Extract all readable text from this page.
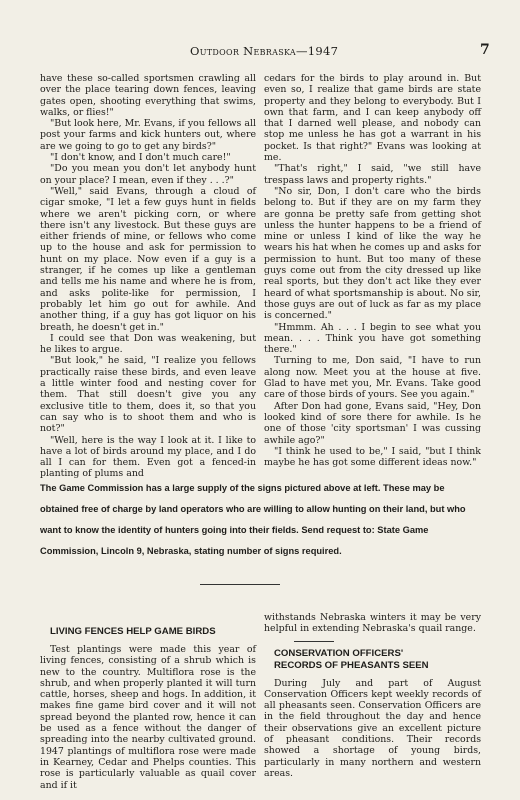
Outdoor Nebraska—1947	7

have these so-called sportsmen crawling all over the place tearing down fences, leaving gates open, shooting everything that swims, walks, or flies!"

"But look here, Mr. Evans, if you fellows all post your farms and kick hunters out, where are we going to go to get any birds?"

"I don't know, and I don't much care!"

"Do you mean you don't let anybody hunt on your place? I mean, even if they . . .?"

"Well," said Evans, through a cloud of cigar smoke, "I let a few guys hunt in fields where we aren't picking corn, or where there isn't any livestock. But these guys are either friends of mine, or fellows who come up to the house and ask for permission to hunt on my place. Now even if a guy is a stranger, if he comes up like a gentleman and tells me his name and where he is from, and asks polite-like for permission, I probably let him go out for awhile. And another thing, if a guy has got liquor on his breath, he doesn't get in."

I could see that Don was weakening, but he likes to argue.

"But look," he said, "I realize you fellows practically raise these birds, and even leave a little winter food and nesting cover for them. That still doesn't give you any exclusive title to them, does it, so that you can say who is to shoot them and who is not?"

"Well, here is the way I look at it. I like to have a lot of birds around my place, and I do all I can for them. Even got a fenced-in planting of plums and

cedars for the birds to play around in. But even so, I realize that game birds are state property and they belong to everybody. But I own that farm, and I can keep anybody off that I darned well please, and nobody can stop me unless he has got a warrant in his pocket. Is that right?" Evans was looking at me.

"That's right," I said, "we still have trespass laws and property rights."

"No sir, Don, I don't care who the birds belong to. But if they are on my farm they are gonna be pretty safe from getting shot unless the hunter happens to be a friend of mine or unless I kind of like the way he wears his hat when he comes up and asks for permission to hunt. But too many of these guys come out from the city dressed up like real sports, but they don't act like they ever heard of what sportsmanship is about. No sir, those guys are out of luck as far as my place is concerned."

"Hmmm. Ah . . . I begin to see what you mean. . . . Think you have got something there."

Turning to me, Don said, "I have to run along now. Meet you at the house at five. Glad to have met you, Mr. Evans. Take good care of those birds of yours. See you again."

After Don had gone, Evans said, "Hey, Don looked kind of sore there for awhile. Is he one of those 'city sportsman' I was cussing awhile ago?"

"I think he used to be," I said, "but I think maybe he has got some different ideas now."

The Game Commission has a large supply of the signs pictured above at left. These may be obtained free of charge by land operators who are willing to allow hunting on their land, but who want to know the identity of hunters going into their fields. Send request to: State Game Commission, Lincoln 9, Nebraska, stating number of signs required.

LIVING FENCES HELP GAME BIRDS

Test plantings were made this year of living fences, consisting of a shrub which is new to the country. Multiflora rose is the shrub, and when properly planted it will turn cattle, horses, sheep and hogs. In addition, it makes fine game bird cover and it will not spread beyond the planted row, hence it can be used as a fence without the danger of spreading into the nearby cultivated ground. 1947 plantings of multiflora rose were made in Kearney, Cedar and Phelps counties. This rose is particularly valuable as quail cover and if it

withstands Nebraska winters it may be very helpful in extending Nebraska's quail range.

CONSERVATION OFFICERS'

RECORDS OF PHEASANTS SEEN

During July and part of August Conservation Officers kept weekly records of all pheasants seen. Conservation Officers are in the field throughout the day and hence their observations give an excellent picture of pheasant conditions. Their records showed a shortage of young birds, particularly in many northern and western areas.
